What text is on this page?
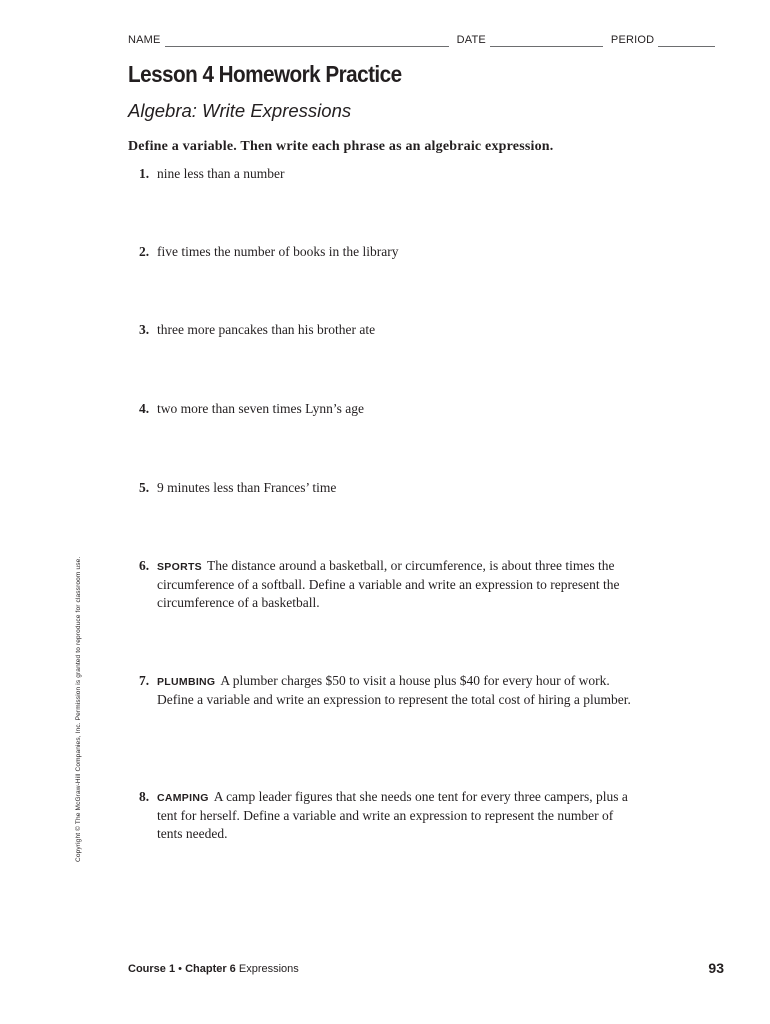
NAME	DATE	PERIOD
Lesson 4 Homework Practice
Algebra: Write Expressions
Define a variable. Then write each phrase as an algebraic expression.
1. nine less than a number
2. five times the number of books in the library
3. three more pancakes than his brother ate
4. two more than seven times Lynn’s age
5. 9 minutes less than Frances’ time
6. SPORTS The distance around a basketball, or circumference, is about three times the circumference of a softball. Define a variable and write an expression to represent the circumference of a basketball.
7. PLUMBING A plumber charges $50 to visit a house plus $40 for every hour of work. Define a variable and write an expression to represent the total cost of hiring a plumber.
8. CAMPING A camp leader figures that she needs one tent for every three campers, plus a tent for herself. Define a variable and write an expression to represent the number of tents needed.
Copyright © The McGraw-Hill Companies, Inc. Permission is granted to reproduce for classroom use.
Course 1 • Chapter 6 Expressions	93
